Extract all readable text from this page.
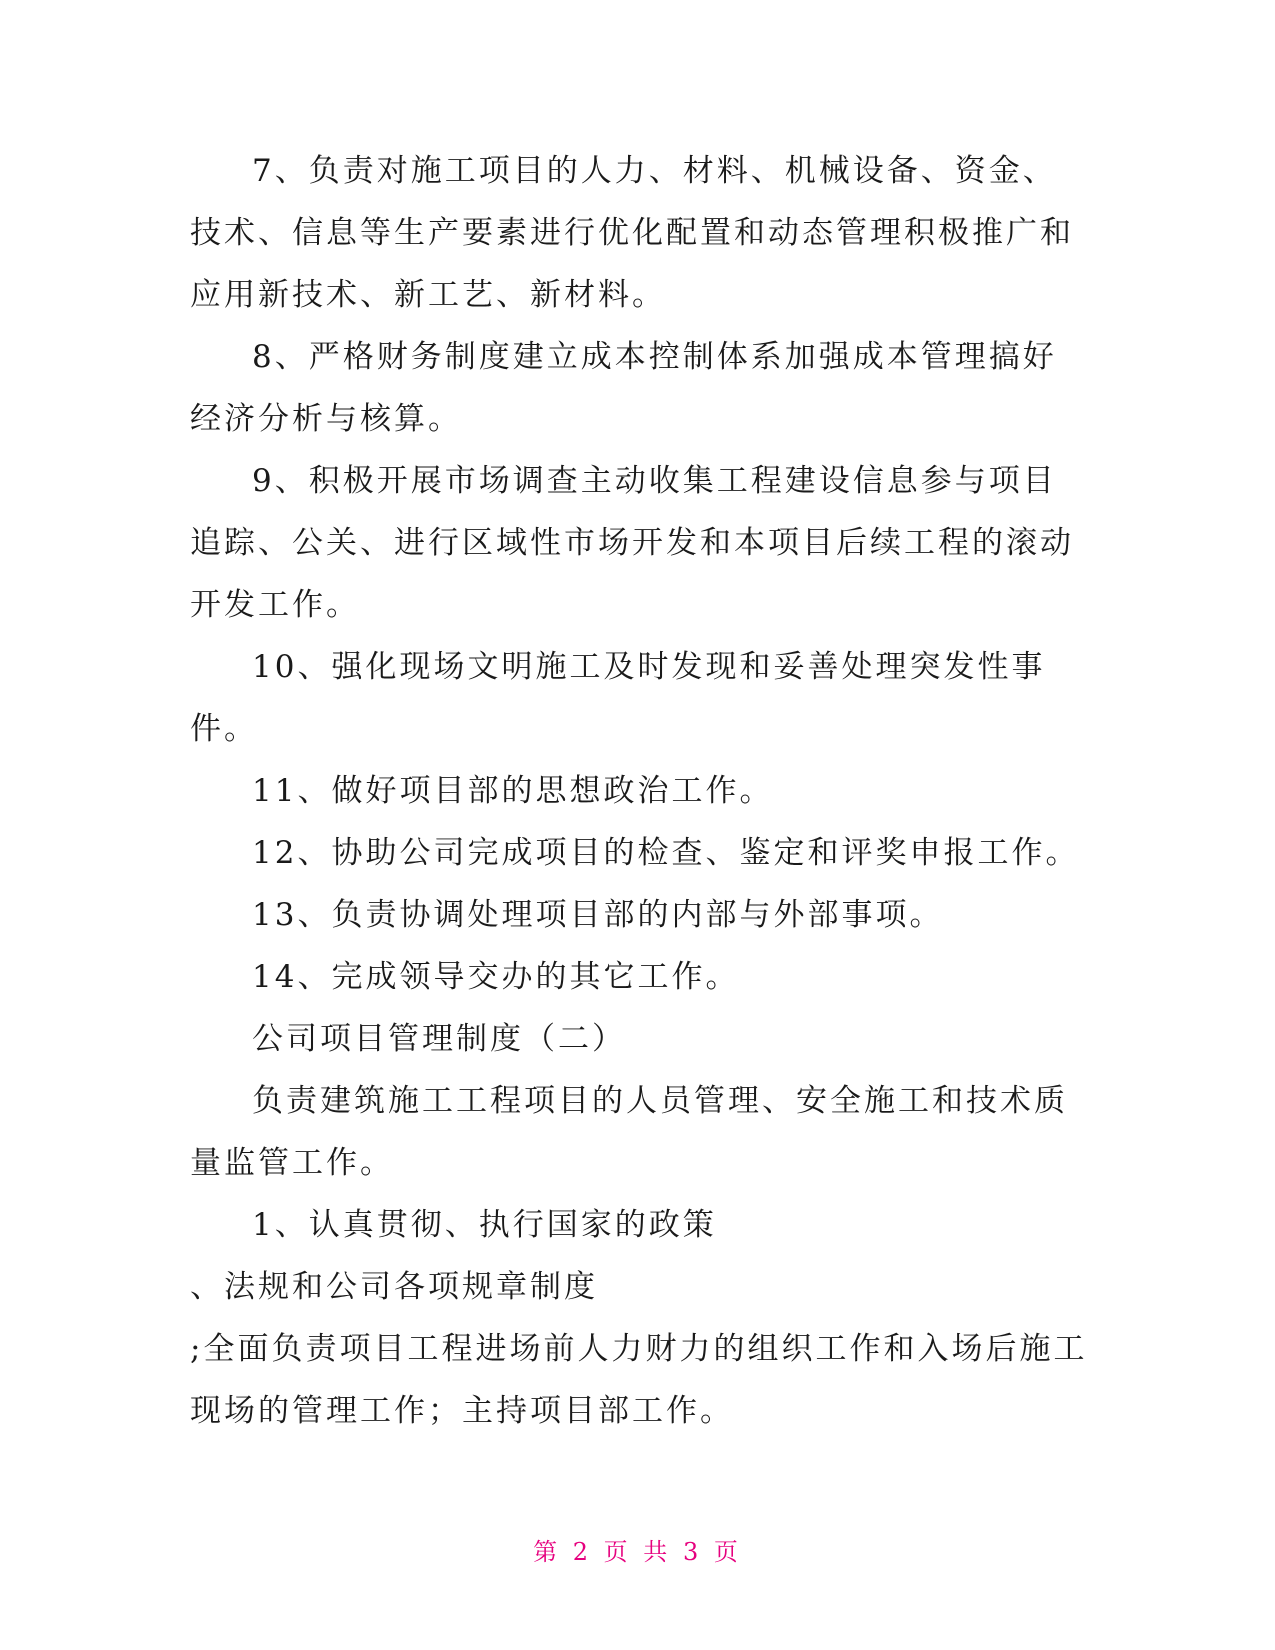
7、负责对施工项目的人力、材料、机械设备、资金、技术、信息等生产要素进行优化配置和动态管理积极推广和应用新技术、新工艺、新材料。

8、严格财务制度建立成本控制体系加强成本管理搞好经济分析与核算。

9、积极开展市场调查主动收集工程建设信息参与项目追踪、公关、进行区域性市场开发和本项目后续工程的滚动开发工作。

10、强化现场文明施工及时发现和妥善处理突发性事件。

11、做好项目部的思想政治工作。

12、协助公司完成项目的检查、鉴定和评奖申报工作。

13、负责协调处理项目部的内部与外部事项。

14、完成领导交办的其它工作。

公司项目管理制度（二）

负责建筑施工工程项目的人员管理、安全施工和技术质量监管工作。

1、认真贯彻、执行国家的政策

、法规和公司各项规章制度

;全面负责项目工程进场前人力财力的组织工作和入场后施工现场的管理工作；主持项目部工作。

第 2 页 共 3 页
